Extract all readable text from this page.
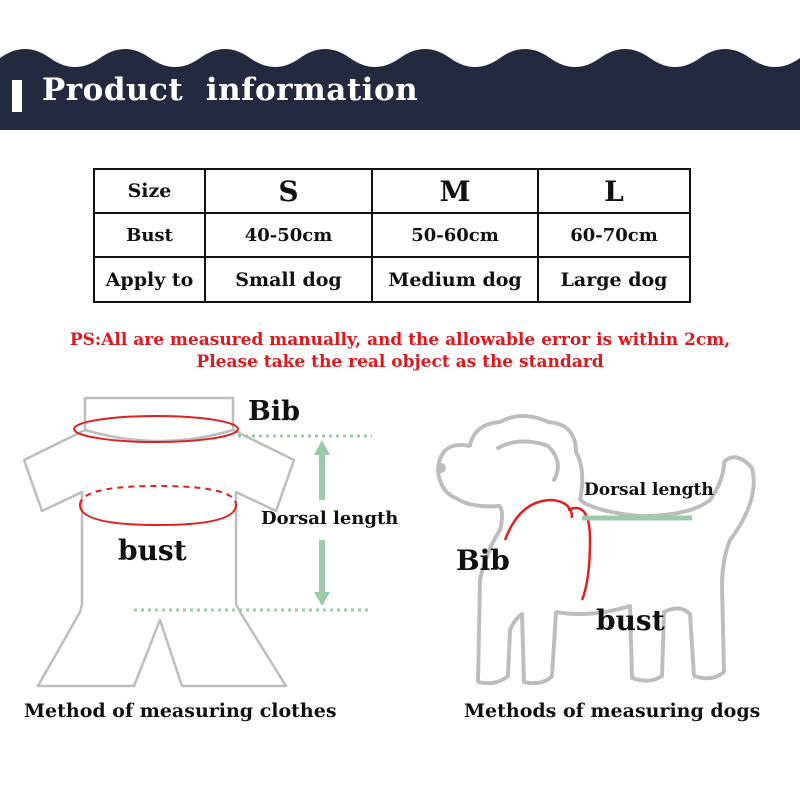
Product  information
Size	S	M	L
Bust	40-50cm	50-60cm	60-70cm
Apply to	Small dog	Medium dog	Large dog
PS:All are measured manually, and the allowable error is within 2cm,
Please take the real object as the standard
Bib
Dorsal length
bust
Dorsal length
Bib
bust
Method of measuring clothes	Methods of measuring dogs
